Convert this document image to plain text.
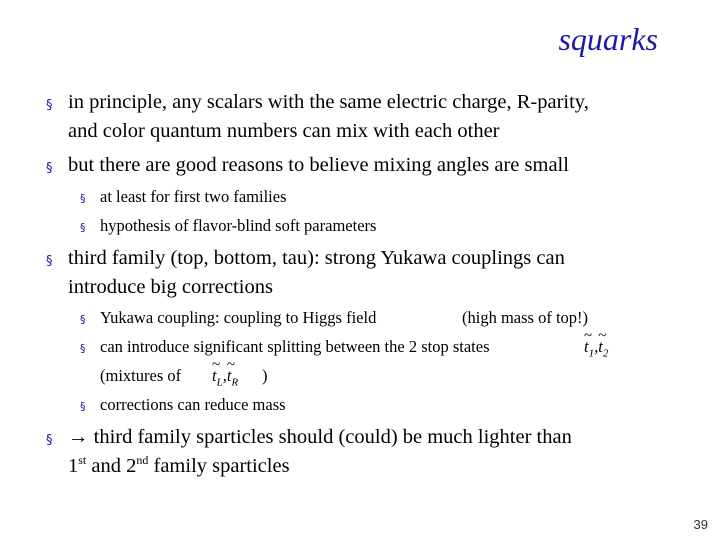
squarks
§ in principle, any scalars with the same electric charge, R-parity,
and color quantum numbers can mix with each other
§ but there are good reasons to believe mixing angles are small
§ at least for first two families
§ hypothesis of flavor-blind soft parameters
§ third family (top, bottom, tau): strong Yukawa couplings can
introduce big corrections
§ Yukawa coupling: coupling to Higgs field	(high mass of top!)
§ can introduce significant splitting between the 2 stop states	~ $t_1,\sim$ $t_2$
(mixtures of ~ $t_L,\sim$ $t_R$ )
§ corrections can reduce mass
§ → third family sparticles should (could) be much lighter than
1st and 2nd family sparticles
39
